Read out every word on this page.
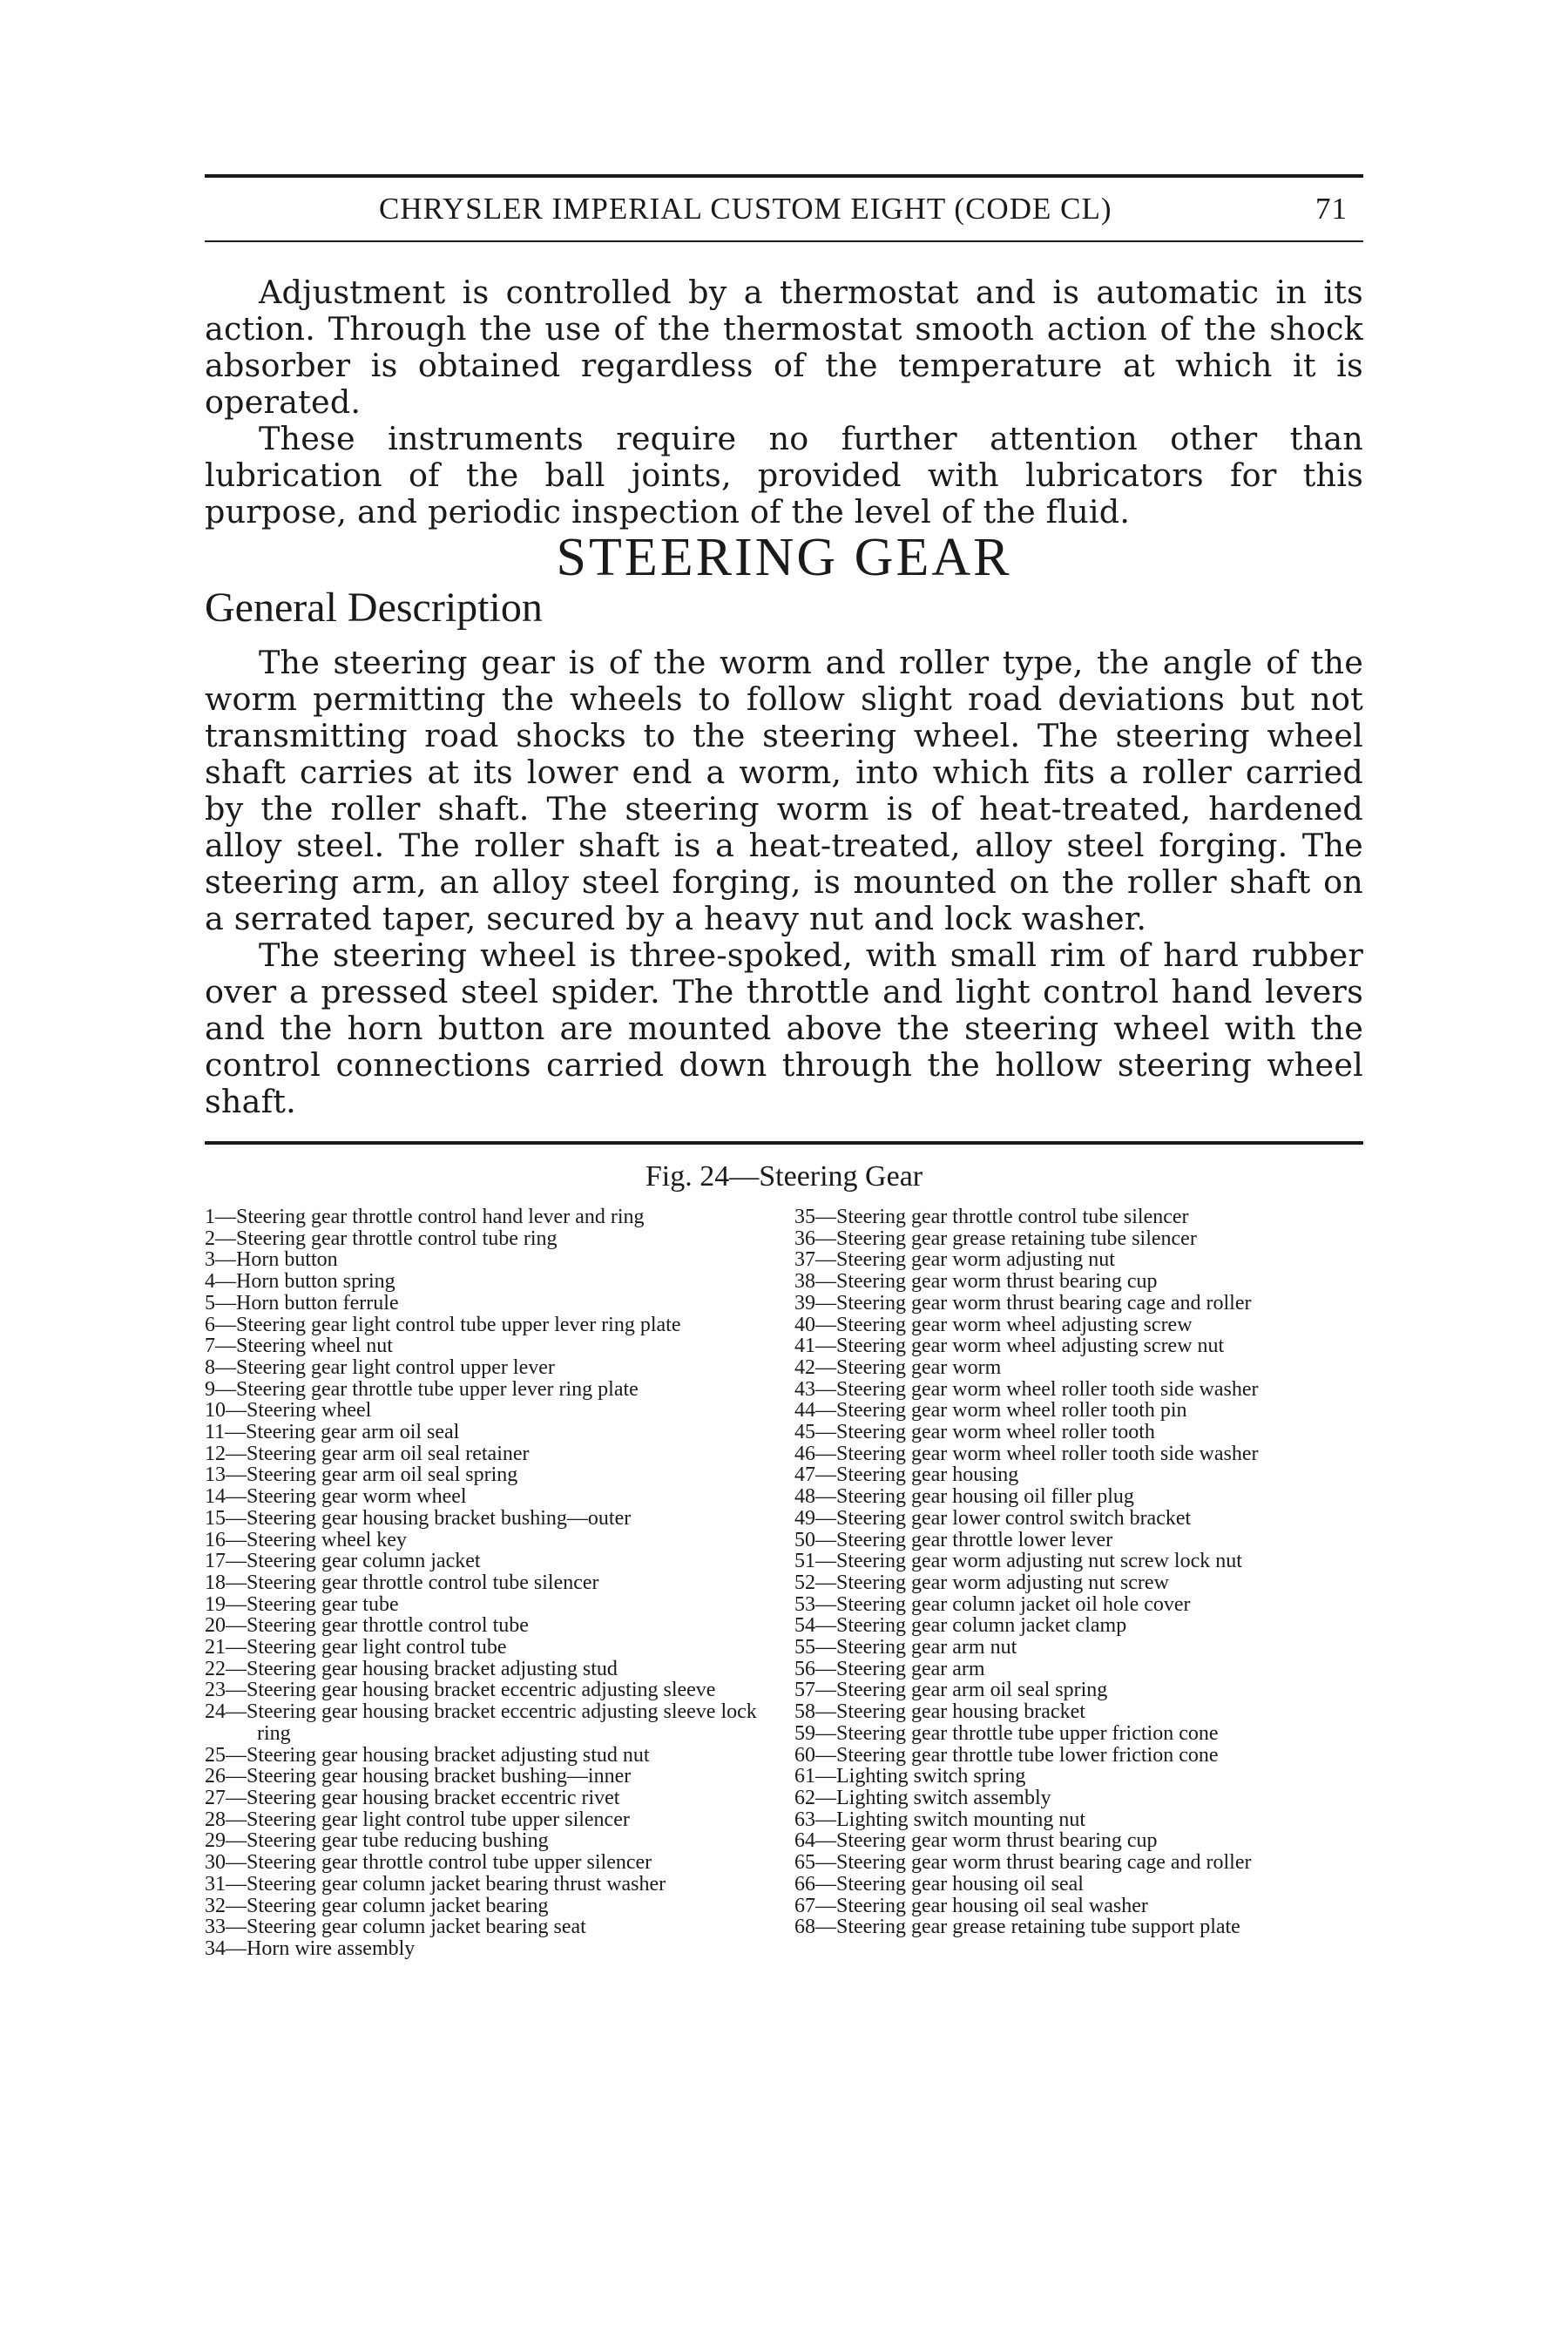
CHRYSLER IMPERIAL CUSTOM EIGHT (CODE CL)	71

Adjustment is controlled by a thermostat and is automatic in its action. Through the use of the thermostat smooth action of the shock absorber is obtained regardless of the temperature at which it is operated.

These instruments require no further attention other than lubrication of the ball joints, provided with lubricators for this purpose, and periodic inspection of the level of the fluid.

STEERING GEAR
General Description

The steering gear is of the worm and roller type, the angle of the worm permitting the wheels to follow slight road deviations but not transmitting road shocks to the steering wheel. The steering wheel shaft carries at its lower end a worm, into which fits a roller carried by the roller shaft. The steering worm is of heat-treated, hardened alloy steel. The roller shaft is a heat-treated, alloy steel forging. The steering arm, an alloy steel forging, is mounted on the roller shaft on a serrated taper, secured by a heavy nut and lock washer.

The steering wheel is three-spoked, with small rim of hard rubber over a pressed steel spider. The throttle and light control hand levers and the horn button are mounted above the steering wheel with the control connections carried down through the hollow steering wheel shaft.

Fig. 24—Steering Gear
1—Steering gear throttle control hand lever and ring
2—Steering gear throttle control tube ring
3—Horn button
4—Horn button spring
5—Horn button ferrule
6—Steering gear light control tube upper lever ring plate
7—Steering wheel nut
8—Steering gear light control upper lever
9—Steering gear throttle tube upper lever ring plate
10—Steering wheel
11—Steering gear arm oil seal
12—Steering gear arm oil seal retainer
13—Steering gear arm oil seal spring
14—Steering gear worm wheel
15—Steering gear housing bracket bushing—outer
16—Steering wheel key
17—Steering gear column jacket
18—Steering gear throttle control tube silencer
19—Steering gear tube
20—Steering gear throttle control tube
21—Steering gear light control tube
22—Steering gear housing bracket adjusting stud
23—Steering gear housing bracket eccentric adjusting sleeve
24—Steering gear housing bracket eccentric adjusting sleeve lock ring
25—Steering gear housing bracket adjusting stud nut
26—Steering gear housing bracket bushing—inner
27—Steering gear housing bracket eccentric rivet
28—Steering gear light control tube upper silencer
29—Steering gear tube reducing bushing
30—Steering gear throttle control tube upper silencer
31—Steering gear column jacket bearing thrust washer
32—Steering gear column jacket bearing
33—Steering gear column jacket bearing seat
34—Horn wire assembly
35—Steering gear throttle control tube silencer
36—Steering gear grease retaining tube silencer
37—Steering gear worm adjusting nut
38—Steering gear worm thrust bearing cup
39—Steering gear worm thrust bearing cage and roller
40—Steering gear worm wheel adjusting screw
41—Steering gear worm wheel adjusting screw nut
42—Steering gear worm
43—Steering gear worm wheel roller tooth side washer
44—Steering gear worm wheel roller tooth pin
45—Steering gear worm wheel roller tooth
46—Steering gear worm wheel roller tooth side washer
47—Steering gear housing
48—Steering gear housing oil filler plug
49—Steering gear lower control switch bracket
50—Steering gear throttle lower lever
51—Steering gear worm adjusting nut screw lock nut
52—Steering gear worm adjusting nut screw
53—Steering gear column jacket oil hole cover
54—Steering gear column jacket clamp
55—Steering gear arm nut
56—Steering gear arm
57—Steering gear arm oil seal spring
58—Steering gear housing bracket
59—Steering gear throttle tube upper friction cone
60—Steering gear throttle tube lower friction cone
61—Lighting switch spring
62—Lighting switch assembly
63—Lighting switch mounting nut
64—Steering gear worm thrust bearing cup
65—Steering gear worm thrust bearing cage and roller
66—Steering gear housing oil seal
67—Steering gear housing oil seal washer
68—Steering gear grease retaining tube support plate
